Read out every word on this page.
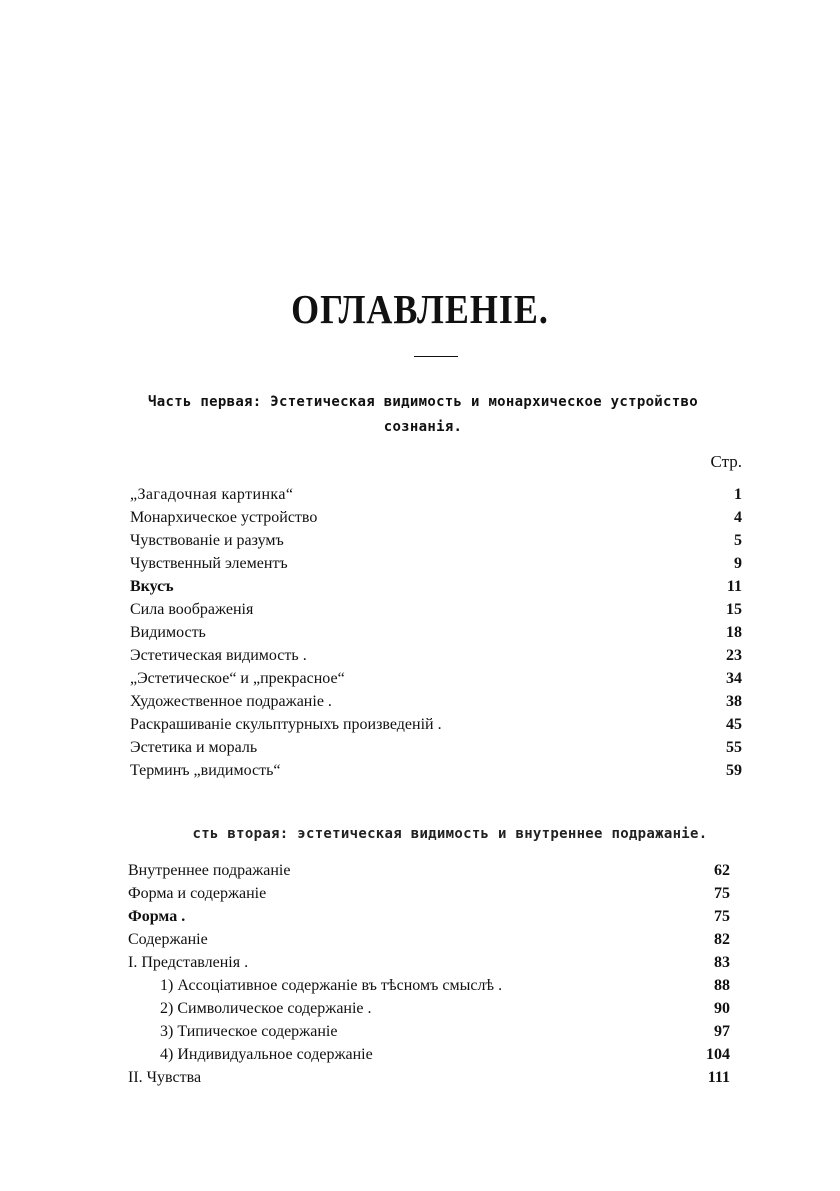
ОГЛАВЛЕНІЕ.
Часть первая: Эстетическая видимость и монархическое устройство
сознанія.
Стр.
„Загадочная картинка“	1
Монархическое устройство	4
Чувствованіе и разумъ	5
Чувственный элементъ	9
Вкусъ	11
Сила воображенія	15
Видимость	18
Эстетическая видимость .	23
„Эстетическое“ и „прекрасное“	34
Художественное подражаніе .	38
Раскрашиваніе скульптурныхъ произведеній .	45
Эстетика и мораль	55
Терминъ „видимость“	59
сть вторая: эстетическая видимость и внутреннее подражаніе.
Внутреннее подражаніе	62
Форма и содержаніе	75
Форма .	75
Содержаніе	82
I. Представленія .	83
1) Ассоціативное содержаніе въ тѣсномъ смыслѣ .	88
2) Символическое содержаніе .	90
3) Типическое содержаніе	97
4) Индивидуальное содержаніе	104
II. Чувства	111
